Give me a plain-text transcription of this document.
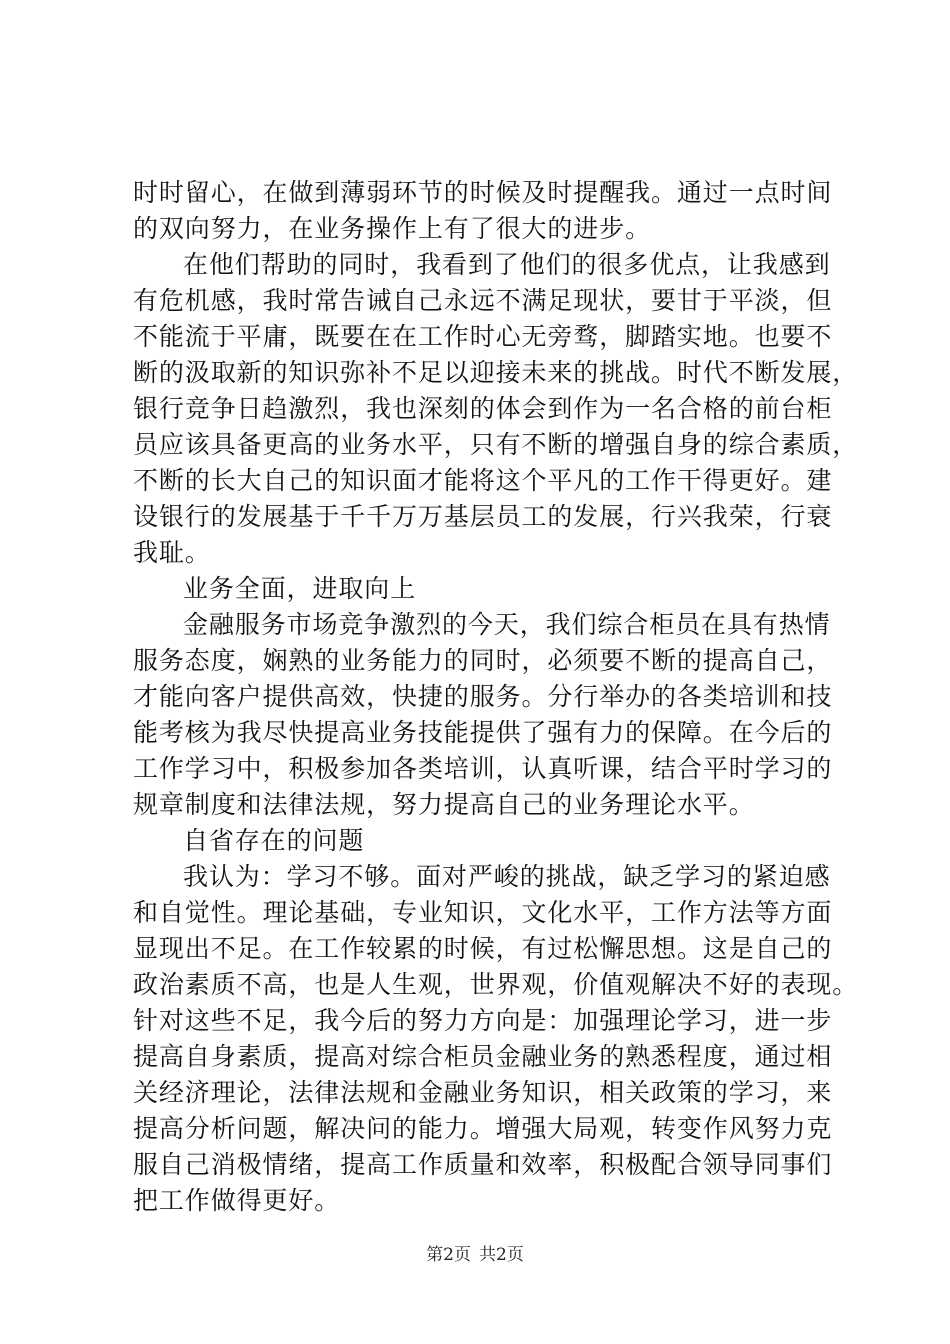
时时留心，在做到薄弱环节的时候及时提醒我。通过一点时间
的双向努力，在业务操作上有了很大的进步。
在他们帮助的同时，我看到了他们的很多优点，让我感到
有危机感，我时常告诫自己永远不满足现状，要甘于平淡，但
不能流于平庸，既要在在工作时心无旁骛，脚踏实地。也要不
断的汲取新的知识弥补不足以迎接未来的挑战。时代不断发展，
银行竞争日趋激烈，我也深刻的体会到作为一名合格的前台柜
员应该具备更高的业务水平，只有不断的增强自身的综合素质，
不断的长大自己的知识面才能将这个平凡的工作干得更好。建
设银行的发展基于千千万万基层员工的发展，行兴我荣，行衰
我耻。
业务全面，进取向上
金融服务市场竞争激烈的今天，我们综合柜员在具有热情
服务态度，娴熟的业务能力的同时，必须要不断的提高自己，
才能向客户提供高效，快捷的服务。分行举办的各类培训和技
能考核为我尽快提高业务技能提供了强有力的保障。在今后的
工作学习中，积极参加各类培训，认真听课，结合平时学习的
规章制度和法律法规，努力提高自己的业务理论水平。
自省存在的问题
我认为：学习不够。面对严峻的挑战，缺乏学习的紧迫感
和自觉性。理论基础，专业知识，文化水平，工作方法等方面
显现出不足。在工作较累的时候，有过松懈思想。这是自己的
政治素质不高，也是人生观，世界观，价值观解决不好的表现。
针对这些不足，我今后的努力方向是：加强理论学习，进一步
提高自身素质，提高对综合柜员金融业务的熟悉程度，通过相
关经济理论，法律法规和金融业务知识，相关政策的学习，来
提高分析问题，解决问的能力。增强大局观，转变作风努力克
服自己消极情绪，提高工作质量和效率，积极配合领导同事们
把工作做得更好。
第2页 共2页
